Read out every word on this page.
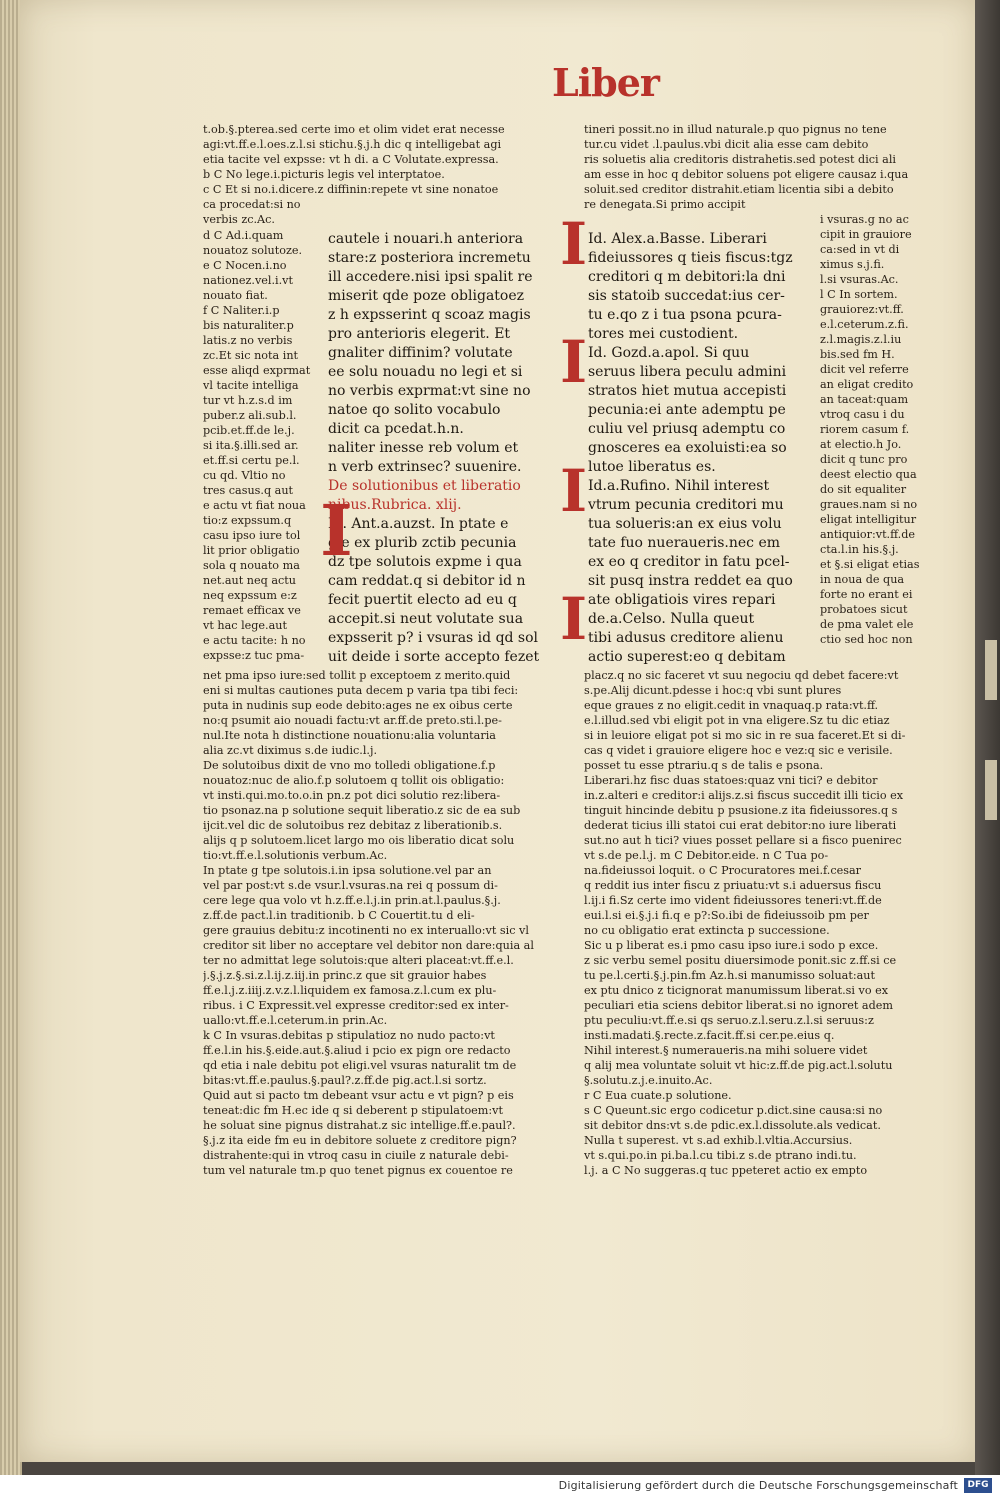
Liber
t.ob.§.pterea.sed certe imo et olim videt erat necesse
agi:vt.ff.e.l.oes.z.l.si stichu.§.j.h dic q intelligebat agi
etia tacite vel expsse: vt h di. a C Volutate.expressa.
b C No lege.i.picturis legis vel interptatoe.
c C Et si no.i.dicere.z diffinin:repete vt sine nonatoe
ca procedat:si no
verbis zc.Ac.
d C Ad.i.quam
nouatoz solutoze.
e C Nocen.i.no
nationez.vel.i.vt
nouato fiat.
f C Naliter.i.p
bis naturaliter.p
latis.z no verbis
zc.Et sic nota int
esse aliqd exprmat
vl tacite intelliga
tur vt h.z.s.d im
puber.z ali.sub.l.
pcib.et.ff.de le.j.
si ita.§.illi.sed ar.
et.ff.si certu pe.l.
cu qd. Vltio no
tres casus.q aut
e actu vt fiat noua
tio:z expssum.q
casu ipso iure tol
lit prior obligatio
sola q nouato ma
net.aut neq actu
neq expssum e:z
remaet efficax ve
vt hac lege.aut
e actu tacite: h no
expsse:z tuc pma-
net pma ipso iure:sed tollit p exceptoem z merito.quid
eni si multas cautiones puta decem p varia tpa tibi feci:
puta in nudinis sup eode debito:ages ne ex oibus certe
no:q psumit aio nouadi factu:vt ar.ff.de preto.sti.l.pe-
nul.Ite nota h distinctione nouationu:alia voluntaria
alia zc.vt diximus s.de iudic.l.j.
De solutoibus dixit de vno mo tolledi obligatione.f.p
nouatoz:nuc de alio.f.p solutoem q tollit ois obligatio:
vt insti.qui.mo.to.o.in pn.z pot dici solutio rez:libera-
tio psonaz.na p solutione sequit liberatio.z sic de ea sub
ijcit.vel dic de solutoibus rez debitaz z liberationib.s.
alijs q p solutoem.licet largo mo ois liberatio dicat solu
tio:vt.ff.e.l.solutionis verbum.Ac.
In ptate g tpe solutois.i.in ipsa solutione.vel par an
vel par post:vt s.de vsur.l.vsuras.na rei q possum di-
cere lege qua volo vt h.z.ff.e.l.j.in prin.at.l.paulus.§.j.
z.ff.de pact.l.in traditionib. b C Couertit.tu d eli-
gere grauius debitu:z incotinenti no ex interuallo:vt sic vl
creditor sit liber no acceptare vel debitor non dare:quia al
ter no admittat lege solutois:que alteri placeat:vt.ff.e.l.
j.§.j.z.§.si.z.l.ij.z.iij.in princ.z que sit grauior habes
ff.e.l.j.z.iiij.z.v.z.l.liquidem ex famosa.z.l.cum ex plu-
ribus. i C Expressit.vel expresse creditor:sed ex inter-
uallo:vt.ff.e.l.ceterum.in prin.Ac.
k C In vsuras.debitas p stipulatioz no nudo pacto:vt
ff.e.l.in his.§.eide.aut.§.aliud i pcio ex pign ore redacto
qd etia i nale debitu pot eligi.vel vsuras naturalit tm de
bitas:vt.ff.e.paulus.§.paul?.z.ff.de pig.act.l.si sortz.
Quid aut si pacto tm debeant vsur actu e vt pign? p eis
teneat:dic fm H.ec ide q si deberent p stipulatoem:vt
he soluat sine pignus distrahat.z sic intellige.ff.e.paul?.
§.j.z ita eide fm eu in debitore soluete z creditore pign?
distrahente:qui in vtroq casu in ciuile z naturale debi-
tum vel naturale tm.p quo tenet pignus ex couentoe re
tineri possit.no in illud naturale.p quo pignus no tene
tur.cu videt .l.paulus.vbi dicit alia esse cam debito
ris soluetis alia creditoris distrahetis.sed potest dici ali
am esse in hoc q debitor soluens pot eligere causaz i.qua
soluit.sed creditor distrahit.etiam licentia sibi a debito
re denegata.Si primo accipit
i vsuras.g no ac
cipit in grauiore
ca:sed in vt di
ximus s.j.fi.
l.si vsuras.Ac.
l C In sortem.
grauiorez:vt.ff.
e.l.ceterum.z.fi.
z.l.magis.z.l.iu
bis.sed fm H.
dicit vel referre
an eligat credito
an taceat:quam
vtroq casu i du
riorem casum f.
at electio.h Jo.
dicit q tunc pro
deest electio qua
do sit equaliter
graues.nam si no
eligat intelligitur
antiquior:vt.ff.de
cta.l.in his.§.j.
et §.si eligat etias
in noua de qua
forte no erant ei
probatoes sicut
de pma valet ele
ctio sed hoc non
placz.q no sic faceret vt suu negociu qd debet facere:vt
s.pe.Alij dicunt.pdesse i hoc:q vbi sunt plures
eque graues z no eligit.cedit in vnaquaq.p rata:vt.ff.
e.l.illud.sed vbi eligit pot in vna eligere.Sz tu dic etiaz
si in leuiore eligat pot si mo sic in re sua faceret.Et si di-
cas q videt i grauiore eligere hoc e vez:q sic e verisile.
posset tu esse ptrariu.q s de talis e psona.
Liberari.hz fisc duas statoes:quaz vni tici? e debitor
in.z.alteri e creditor:i alijs.z.si fiscus succedit illi ticio ex
tinguit hincinde debitu p psusione.z ita fideiussores.q s
dederat ticius illi statoi cui erat debitor:no iure liberati
sut.no aut h tici? viues posset pellare si a fisco puenirec
vt s.de pe.l.j. m C Debitor.eide. n C Tua po-
na.fideiussoi loquit. o C Procuratores mei.f.cesar
q reddit ius inter fiscu z priuatu:vt s.i aduersus fiscu
l.ij.i fi.Sz certe imo vident fideiussores teneri:vt.ff.de
eui.l.si ei.§.j.i fi.q e p?:So.ibi de fideiussoib pm per
no cu obligatio erat extincta p successione.
Sic u p liberat es.i pmo casu ipso iure.i sodo p exce.
z sic verbu semel positu diuersimode ponit.sic z.ff.si ce
tu pe.l.certi.§.j.pin.fm Az.h.si manumisso soluat:aut
ex ptu dnico z ticignorat manumissum liberat.si vo ex
peculiari etia sciens debitor liberat.si no ignoret adem
ptu peculiu:vt.ff.e.si qs seruo.z.l.seru.z.l.si seruus:z
insti.madati.§.recte.z.facit.ff.si cer.pe.eius q.
Nihil interest.§ numeraueris.na mihi soluere videt
q alij mea voluntate soluit vt hic:z.ff.de pig.act.l.solutu
§.solutu.z.j.e.inuito.Ac.
r C Eua cuate.p solutione.
s C Queunt.sic ergo codicetur p.dict.sine causa:si no
sit debitor dns:vt s.de pdic.ex.l.dissolute.als vedicat.
Nulla t superest. vt s.ad exhib.l.vltia.Accursius.
vt s.qui.po.in pi.ba.l.cu tibi.z s.de ptrano indi.tu.
l.j. a C No suggeras.q tuc ppeteret actio ex empto
cautele i nouari.h anteriora
stare:z posteriora incremetu
ill accedere.nisi ipsi spalit re
miserit qde poze obligatoez
z h expsserint q scoaz magis
pro anterioris elegerit. Et
gnaliter diffinim? volutate
ee solu nouadu no legi et si
no verbis exprmat:vt sine no
natoe qo solito vocabulo
dicit ca pcedat.h.n.
naliter inesse reb volum et
n verb extrinsec? suuenire.
De solutionibus et liberatio
nibus.Rubrica. xlij.
Id. Ant.a.auzst. In ptate e
g e ex plurib zctib pecunia
dz tpe solutois expme i qua
cam reddat.q si debitor id n
fecit puertit electo ad eu q
accepit.si neut volutate sua
expsserit p? i vsuras id qd sol
uit deide i sorte accepto fezet
Id. Alex.a.Basse. Liberari
fideiussores q tieis fiscus:tgz
creditori q m debitori:la dni
sis statoib succedat:ius cer-
tu e.qo z i tua psona pcura-
tores mei custodient.
Id. Gozd.a.apol. Si quu
seruus libera peculu admini
stratos hiet mutua accepisti
pecunia:ei ante ademptu pe
culiu vel priusq ademptu co
gnosceres ea exoluisti:ea so
lutoe liberatus es.
Id.a.Rufino. Nihil interest
vtrum pecunia creditori mu
tua solueris:an ex eius volu
tate fuo nueraueris.nec em
ex eo q creditor in fatu pcel-
sit pusq instra reddet ea quo
ate obligatiois vires repari
de.a.Celso. Nulla queut
tibi adusus creditore alienu
actio superest:eo q debitam
I
I
I
I
I
Digitalisierung gefördert durch die Deutsche Forschungsgemeinschaft	DFG
